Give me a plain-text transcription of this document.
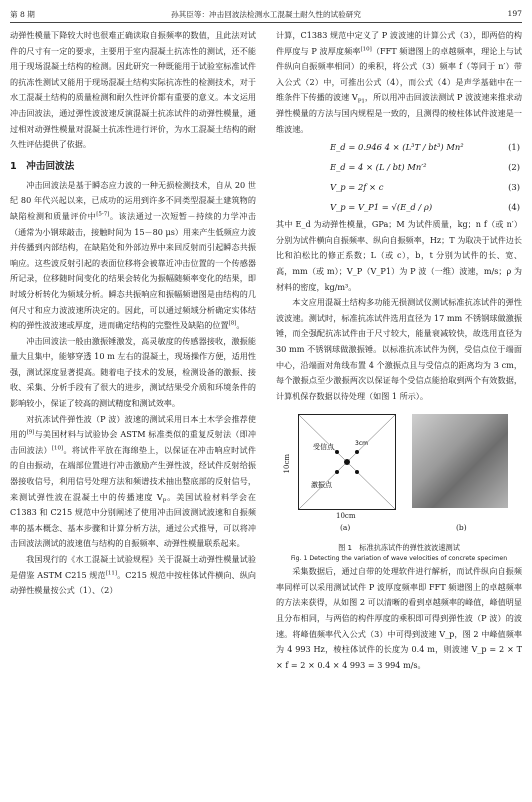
第 8 期	孙其臣等：冲击回波法检测水工混凝土耐久性的试验研究	197

动弹性模量下降较大时也很难正确读取自振频率的数值，且此法对试件的尺寸有一定的要求，主要用于室内混凝土抗冻性的测试，还不能用于现场混凝土结构的检测。因此研究一种既能用于试验室标准试件的抗冻性测试又能用于现场混凝土结构实际抗冻性的检测技术，对于水工混凝土结构的质量检测和耐久性评价都有重要的意义。本文运用冲击回波法，通过弹性波波速反演混凝土抗冻试件的动弹性模量，通过相对动弹性模量对混凝土抗冻性进行评价，为水工混凝土结构的耐久性评估提供了依据。

1　冲击回波法

冲击回波法是基于瞬态应力波的一种无损检测技术，自从 20 世纪 80 年代兴起以来，已成功的运用到许多不同类型混凝土建筑物的缺陷检测和质量评价中[5-7]。该法通过一次短暂－持续的力学冲击（通常为小钢球敲击，接触时间为 15－80 μs）用来产生低频应力波并传播到内部结构，在缺陷处和外部边界中来回反射而引起瞬态共振响应。这些波反射引起的表面位移将会被靠近冲击位置的一个传感器所记录，位移随时间变化的结果会转化为振幅随频率变化的结果，即时域分析转化为频域分析。瞬态共振响应和振幅频谱图是由结构的几何尺寸和应力波波速所决定的。因此，可以通过频域分析确定实体结构的弹性波波速或厚度，进而确定结构的完整性及缺陷的位置[8]。

冲击回波法一般由激振锤激发，高灵敏度的传感器接收，激振能量大且集中，能够穿透 10 m 左右的混凝土，现场操作方便，适用性强，测试深度显著提高。随着电子技术的发展，检测设备的激振、接收、采集、分析手段有了很大的进步，测试结果受介质和环境条件的影响较小，保证了较高的测试精度和测试效率。

对抗冻试件弹性波（P 波）波速的测试采用日本土木学会推荐使用的[9]与美国材料与试验协会 ASTM 标准类似的重复反射法（即冲击回波法）[10]。将试件平放在海绵垫上，以保证在冲击响应时试件的自由振动，在端部位置进行冲击激励产生弹性波，经试件反射给振器接收信号，利用信号处理方法和频谱技术抽出整底部的反射信号，来测试弹性波在混凝土中的传播速度 $V_P$。美国试验材料学会在 C1383 和 C215 规范中分别阐述了使用冲击回波测试波速和自振频率的基本概念、基本步骤和计算分析方法，通过公式推导，可以将冲击回波法测试的波速值与结构的自振频率、动弹性模量联系起来。

我国现行的《水工混凝土试验规程》关于混凝土动弹性模量试验是借鉴 ASTM C215 规范[11]。C215 规范中按柱体试件横向、纵向动弹性模量按公式（1）、（2）

计算，C1383 规范中定义了 P 波波速的计算公式（3），即两倍的构件厚度与 P 波厚度频率[10]（FFT 频谱图上的卓越频率，理论上与试件纵向自振频率相同）的乘积，将公式（3）频率 f（等同于 n′）带入公式（2）中，可推出公式（4），而公式（4）是声学基础中在一维条件下传播的波速 $V_{P1}$，所以用冲击回波法测试 P 波波速来推求动弹性模量的方法与国内规程是一致的，且测得的棱柱体试件波速是一维波速。

E_d = 0.946 4 × (L³T / bt³) Mn²	(1)
E_d = 4 × (L / bt) Mn′²	(2)
V_p = 2f × c	(3)
V_p = V_P1 = √(E_d / ρ)	(4)

其中 E_d 为动弹性模量，GPa；M 为试件质量，kg；n f（或 n′）分别为试件横向自振频率、纵向自振频率，Hz；T 为取决于试件边长比和泊松比的修正系数；L（或 c），b，t 分别为试件的长、宽、高，mm（或 m）；V_P（V_P1）为 P 波（一维）波速，m/s；ρ 为材料的密度，kg/m³。

本文应用混凝土结构多功能无损测试仪测试标准抗冻试件的弹性波波速。测试时，标准抗冻试件选用直径为 17 mm 不锈钢球做激振锤，而全强配抗冻试件由于尺寸较大，能量衰减较快，故选用直径为 30 mm 不锈钢球做激振锤。以标准抗冻试件为例，受信点位于端面中心，沿端面对角线布置 4 个激振点且与受信点的距离均为 3 cm，每个激振点至少激振两次以保证每个受信点能拾取到两个有效数据，计算机保存数据以待处理（如图 1 所示）。

受信点	3cm
激振点
10cm
10cm
(a)	(b)
图 1　标准抗冻试件的弹性波波速测试
Fig. 1 Detecting the variation of wave velocities of concrete specimen

采集数据后，通过自带的处理软件进行解析，而试件纵向自振频率同样可以采用测试试件 P 波厚度频率即 FFT 频谱图上的卓越频率的方法来获得，从如图 2 可以清晰的看到卓越频率的峰值，峰值明显且分布相同，与两倍的构件厚度的乘积即可得到弹性波（P 波）的波速。将峰值频率代入公式（3）中可得到波速 V_p，图 2 中峰值频率为 4 993 Hz，棱柱体试件的长度为 0.4 m，则波速 V_p = 2 × T × f = 2 × 0.4 × 4 993 = 3 994 m/s。
